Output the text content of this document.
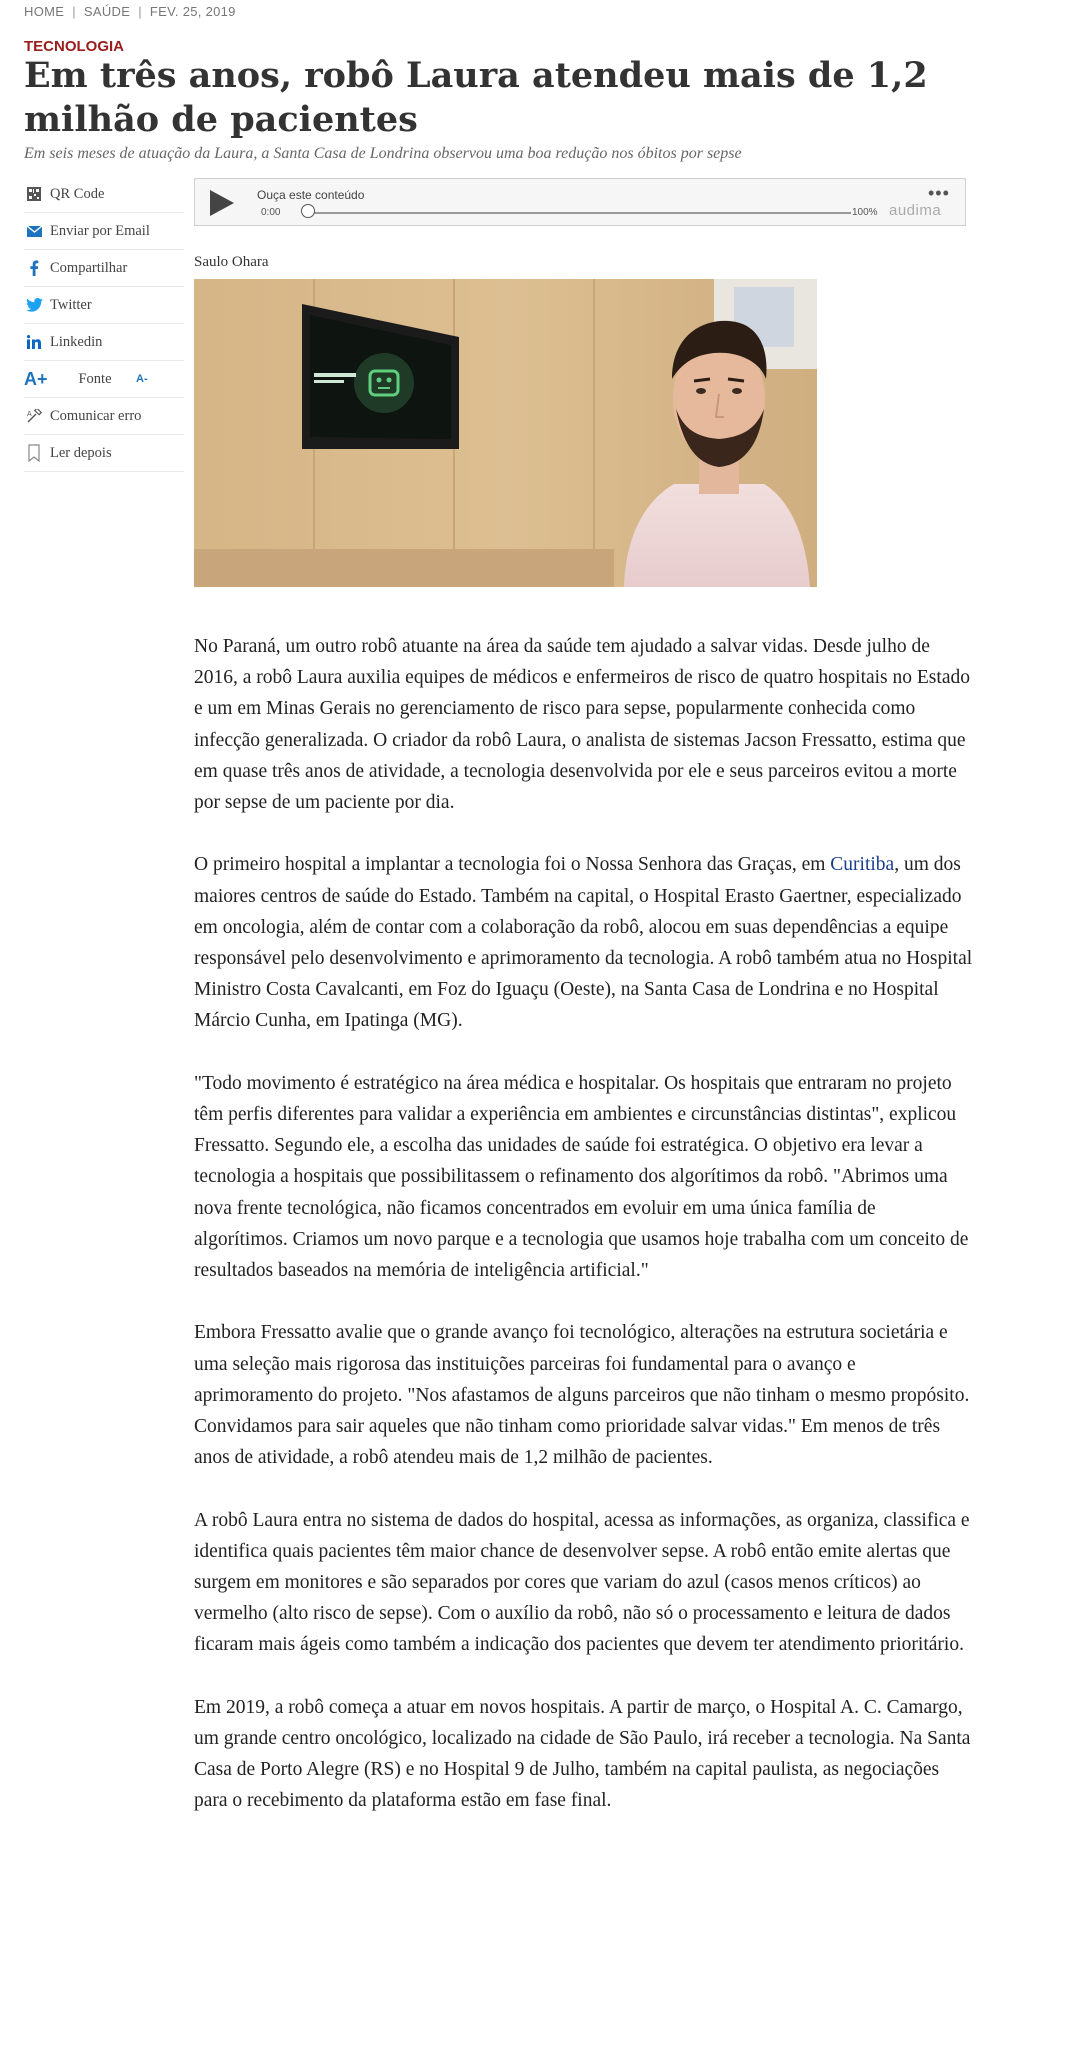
HOME | SAÚDE | FEV. 25, 2019
TECNOLOGIA
Em três anos, robô Laura atendeu mais de 1,2 milhão de pacientes
Em seis meses de atuação da Laura, a Santa Casa de Londrina observou uma boa redução nos óbitos por sepse
QR Code
Enviar por Email
Compartilhar
Twitter
Linkedin
A+	Fonte	A-
A Comunicar erro
Ler depois
Ouça este conteúdo
0:00	100% audima
•••
Saulo Ohara

No Paraná, um outro robô atuante na área da saúde tem ajudado a salvar vidas. Desde julho de 2016, a robô Laura auxilia equipes de médicos e enfermeiros de risco de quatro hospitais no Estado e um em Minas Gerais no gerenciamento de risco para sepse, popularmente conhecida como infecção generalizada. O criador da robô Laura, o analista de sistemas Jacson Fressatto, estima que em quase três anos de atividade, a tecnologia desenvolvida por ele e seus parceiros evitou a morte por sepse de um paciente por dia.

O primeiro hospital a implantar a tecnologia foi o Nossa Senhora das Graças, em Curitiba, um dos maiores centros de saúde do Estado. Também na capital, o Hospital Erasto Gaertner, especializado em oncologia, além de contar com a colaboração da robô, alocou em suas dependências a equipe responsável pelo desenvolvimento e aprimoramento da tecnologia. A robô também atua no Hospital Ministro Costa Cavalcanti, em Foz do Iguaçu (Oeste), na Santa Casa de Londrina e no Hospital Márcio Cunha, em Ipatinga (MG).

"Todo movimento é estratégico na área médica e hospitalar. Os hospitais que entraram no projeto têm perfis diferentes para validar a experiência em ambientes e circunstâncias distintas", explicou Fressatto. Segundo ele, a escolha das unidades de saúde foi estratégica. O objetivo era levar a tecnologia a hospitais que possibilitassem o refinamento dos algorítimos da robô. "Abrimos uma nova frente tecnológica, não ficamos concentrados em evoluir em uma única família de algorítimos. Criamos um novo parque e a tecnologia que usamos hoje trabalha com um conceito de resultados baseados na memória de inteligência artificial."

Embora Fressatto avalie que o grande avanço foi tecnológico, alterações na estrutura societária e uma seleção mais rigorosa das instituições parceiras foi fundamental para o avanço e aprimoramento do projeto. "Nos afastamos de alguns parceiros que não tinham o mesmo propósito. Convidamos para sair aqueles que não tinham como prioridade salvar vidas." Em menos de três anos de atividade, a robô atendeu mais de 1,2 milhão de pacientes.

A robô Laura entra no sistema de dados do hospital, acessa as informações, as organiza, classifica e identifica quais pacientes têm maior chance de desenvolver sepse. A robô então emite alertas que surgem em monitores e são separados por cores que variam do azul (casos menos críticos) ao vermelho (alto risco de sepse). Com o auxílio da robô, não só o processamento e leitura de dados ficaram mais ágeis como também a indicação dos pacientes que devem ter atendimento prioritário.

Em 2019, a robô começa a atuar em novos hospitais. A partir de março, o Hospital A. C. Camargo, um grande centro oncológico, localizado na cidade de São Paulo, irá receber a tecnologia. Na Santa Casa de Porto Alegre (RS) e no Hospital 9 de Julho, também na capital paulista, as negociações para o recebimento da plataforma estão em fase final.
